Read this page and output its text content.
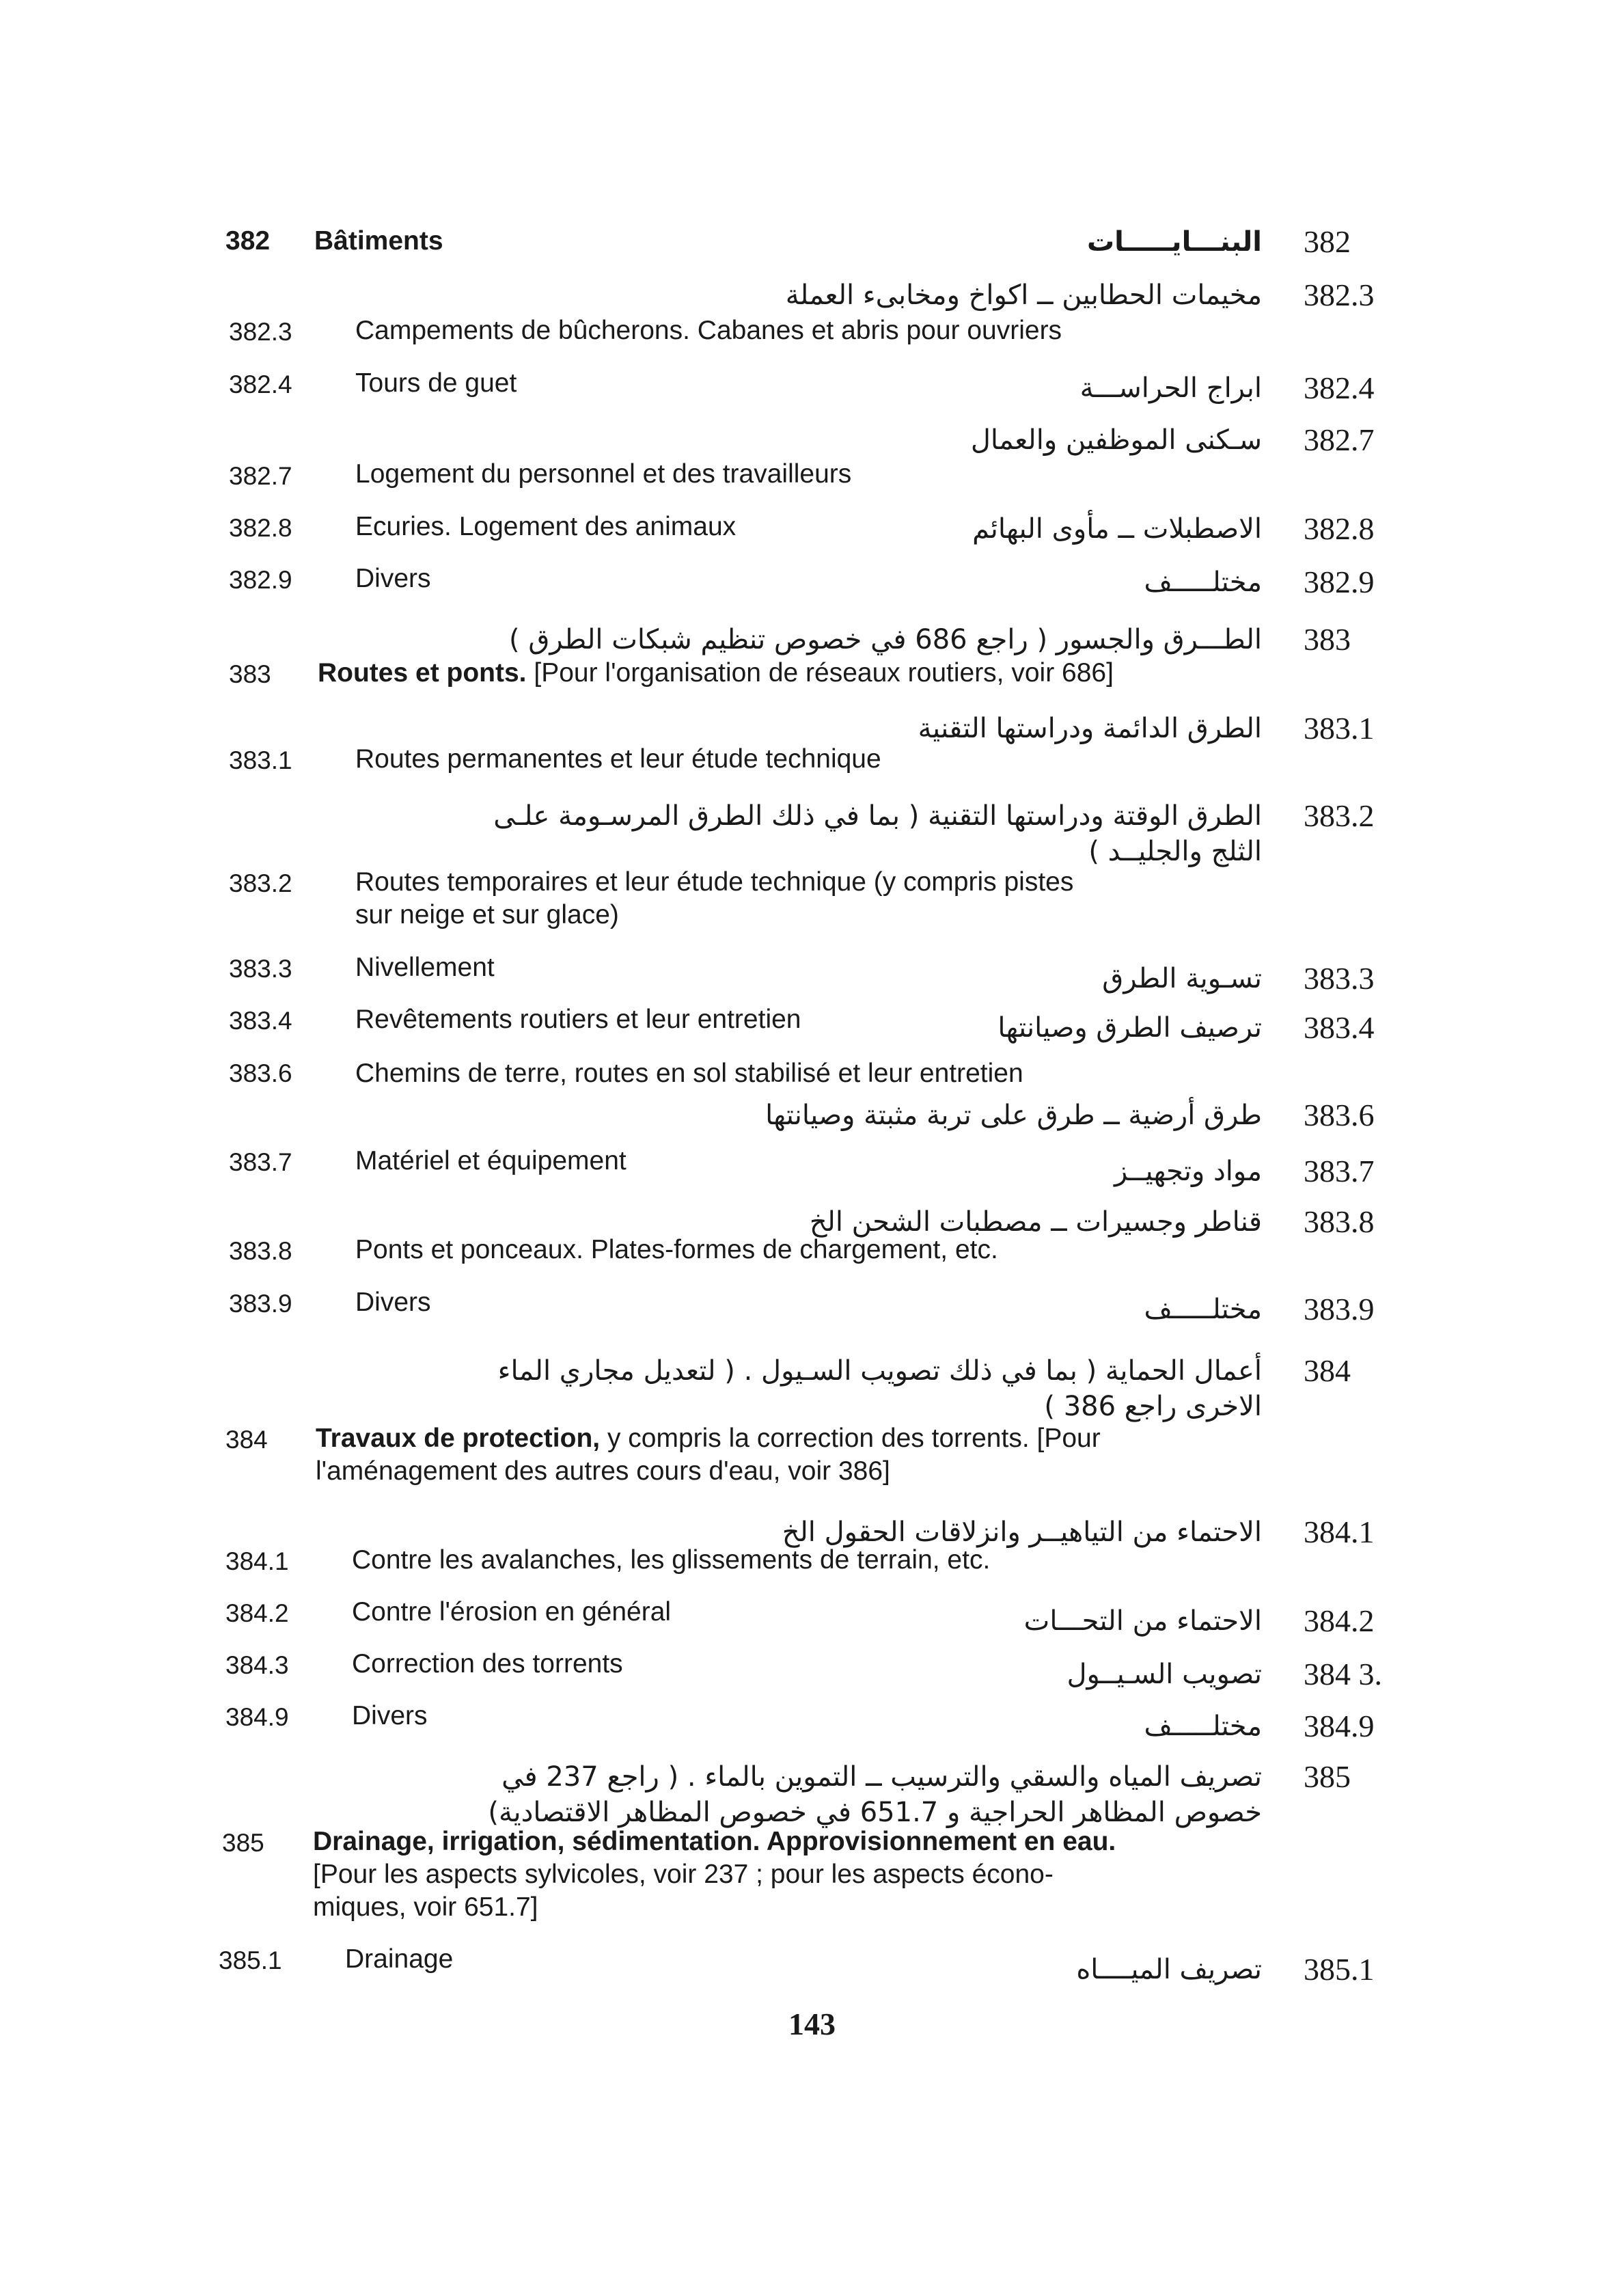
382 Bâtiments	البنـــايـــــات 382
مخيمات الحطابين ــ اكواخ ومخابىء العملة 382.3
382.3 Campements de bûcherons. Cabanes et abris pour ouvriers
ابراج الحراســـة 382.4
382.4 Tours de guet
سـكنى الموظفين والعمال 382.7
382.7 Logement du personnel et des travailleurs
الاصطبلات ــ مأوى البهائم 382.8
382.8 Ecuries. Logement des animaux
مختلـــــف 382.9
382.9 Divers
الطـــرق والجسور ( راجع 686 في خصوص تنظيم شبكات الطرق ) 383
383 Routes et ponts. [Pour l'organisation de réseaux routiers, voir 686]
الطرق الدائمة ودراستها التقنية 383.1
383.1 Routes permanentes et leur étude technique
الطرق الوقتة ودراستها التقنية ( بما في ذلك الطرق المرسـومة علـى
الثلج والجليــد )
383.2
383.2 Routes temporaires et leur étude technique (y compris pistes
sur neige et sur glace)
تسـوية الطرق 383.3
383.3 Nivellement
ترصيف الطرق وصيانتها 383.4
383.4 Revêtements routiers et leur entretien
383.6 Chemins de terre, routes en sol stabilisé et leur entretien
طرق أرضية ــ طرق على تربة مثبتة وصيانتها 383.6
مواد وتجهيــز 383.7
383.7 Matériel et équipement
قناطر وجسيرات ــ مصطبات الشحن الخ 383.8
383.8 Ponts et ponceaux. Plates-formes de chargement, etc.
مختلـــــف 383.9
383.9 Divers
أعمال الحماية ( بما في ذلك تصويب السـيول . ( لتعديل مجاري الماء
الاخرى راجع 386 )
384
384 Travaux de protection, y compris la correction des torrents. [Pour
l'aménagement des autres cours d'eau, voir 386]
الاحتماء من التياهيــر وانزلاقات الحقول الخ 384.1
384.1 Contre les avalanches, les glissements de terrain, etc.
الاحتماء من التحـــات 384.2
384.2 Contre l'érosion en général
تصويب السـيــول 384 3.
384.3 Correction des torrents
مختلـــــف 384.9
384.9 Divers
تصريف المياه والسقي والترسيب ــ التموين بالماء . ( راجع 237 في
خصوص المظاهر الحراجية و 651.7 في خصوص المظاهر الاقتصادية)
385
385 Drainage, irrigation, sédimentation. Approvisionnement en eau.
[Pour les aspects sylvicoles, voir 237 ; pour les aspects écono-
miques, voir 651.7]
تصريف الميــــاه 385.1
385.1 Drainage
143
